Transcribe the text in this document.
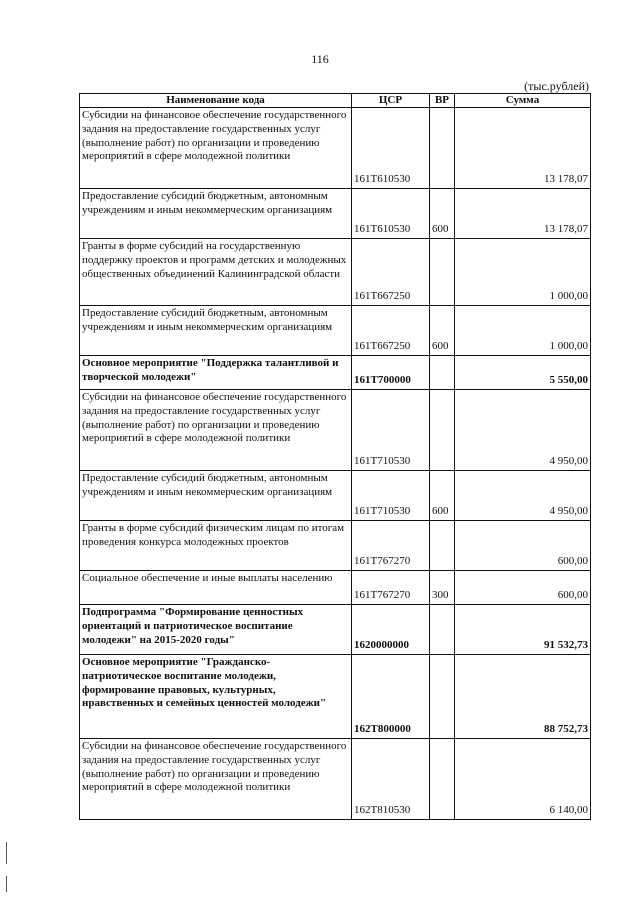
116
(тыс.рублей)
Наименование кода	ЦСР	ВР	Сумма
Субсидии на финансовое обеспечение государственного задания на предоставление государственных услуг (выполнение работ) по организации и проведению мероприятий в сфере молодежной политики	161Т610530		13 178,07
Предоставление субсидий бюджетным, автономным учреждениям и иным некоммерческим организациям	161Т610530	600	13 178,07
Гранты в форме субсидий на государственную поддержку проектов и программ детских и молодежных общественных объединений Калининградской области	161Т667250		1 000,00
Предоставление субсидий бюджетным, автономным учреждениям и иным некоммерческим организациям	161Т667250	600	1 000,00
Основное мероприятие "Поддержка талантливой и творческой молодежи"	161Т700000		5 550,00
Субсидии на финансовое обеспечение государственного задания на предоставление государственных услуг (выполнение работ) по организации и проведению мероприятий в сфере молодежной политики	161Т710530		4 950,00
Предоставление субсидий бюджетным, автономным учреждениям и иным некоммерческим организациям	161Т710530	600	4 950,00
Гранты в форме субсидий физическим лицам по итогам проведения конкурса молодежных проектов	161Т767270		600,00
Социальное обеспечение и иные выплаты населению	161Т767270	300	600,00
Подпрограмма "Формирование ценностных ориентаций и патриотическое воспитание молодежи" на 2015-2020 годы"	1620000000		91 532,73
Основное мероприятие "Гражданско-патриотическое воспитание молодежи, формирование правовых, культурных, нравственных и семейных ценностей молодежи"	162Т800000		88 752,73
Субсидии на финансовое обеспечение государственного задания на предоставление государственных услуг (выполнение работ) по организации и проведению мероприятий в сфере молодежной политики	162Т810530		6 140,00
